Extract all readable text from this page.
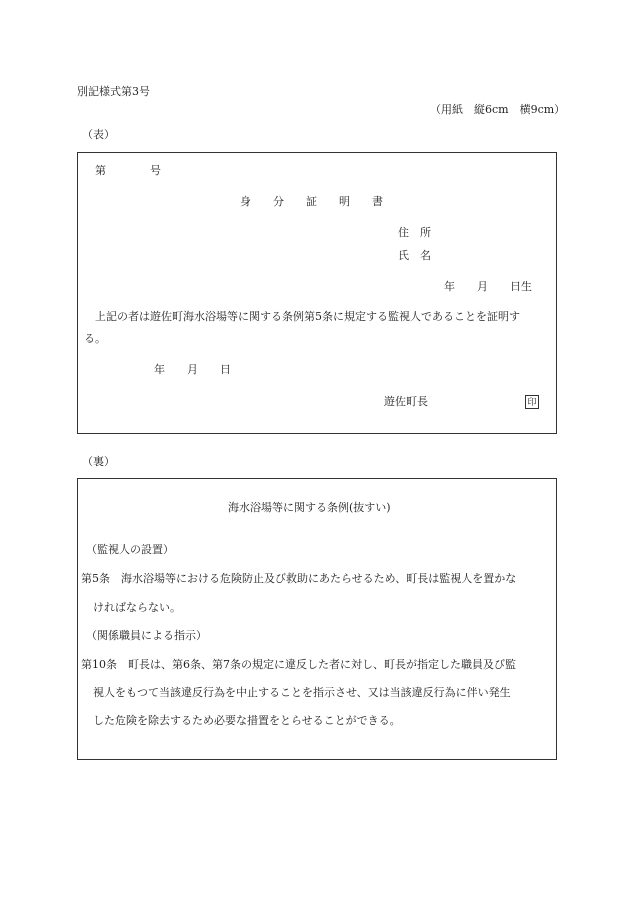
別記様式第3号
（用紙　縦6cm　横9cm）
（表）
第　　　　号
身　　分　　証　　明　　書
住　所
氏　名
年　　月　　日生
上記の者は遊佐町海水浴場等に関する条例第5条に規定する監視人であることを証明す
る。
年　　月　　日
遊佐町長	印
（裏）
海水浴場等に関する条例(抜すい)
（監視人の設置）
第5条　海水浴場等における危険防止及び救助にあたらせるため、町長は監視人を置かな
ければならない。
（関係職員による指示）
第10条　町長は、第6条、第7条の規定に違反した者に対し、町長が指定した職員及び監
視人をもつて当該違反行為を中止することを指示させ、又は当該違反行為に伴い発生
した危険を除去するため必要な措置をとらせることができる。
